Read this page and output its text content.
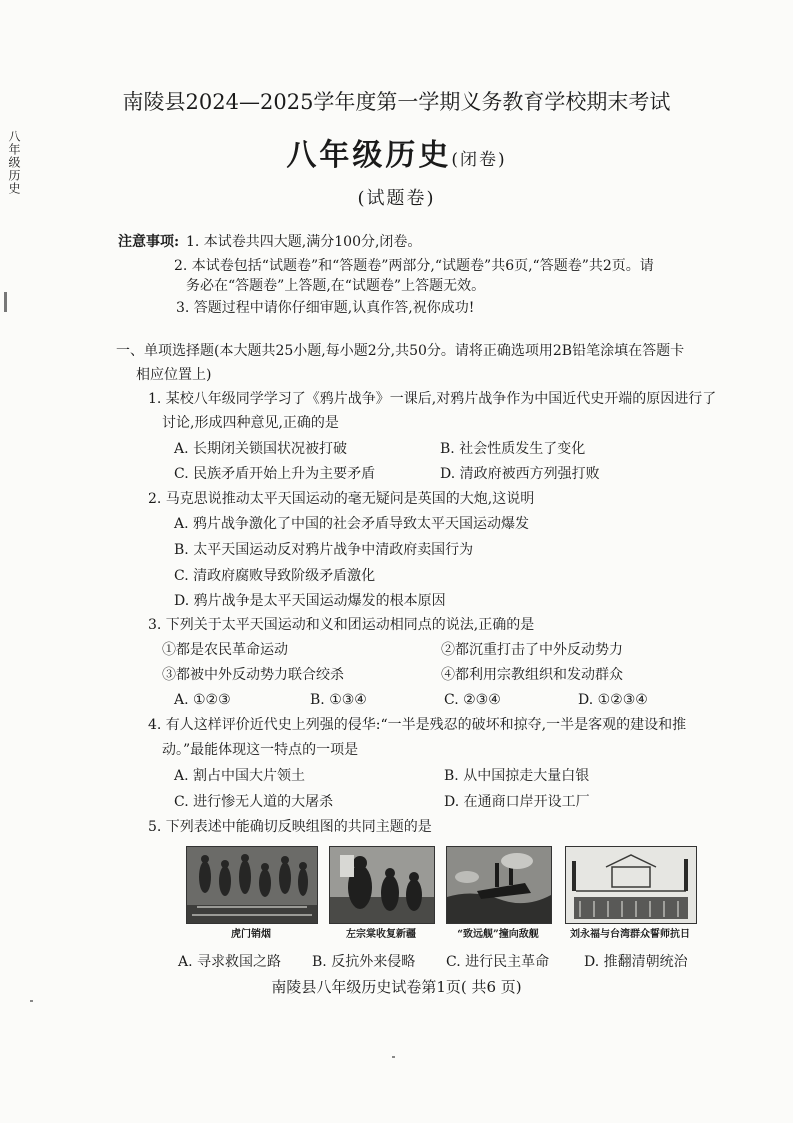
八年级历史
南陵县2024—2025学年度第一学期义务教育学校期末考试
八年级历史(闭卷)
(试题卷)
注意事项: 1. 本试卷共四大题,满分100分,闭卷。
2. 本试卷包括“试题卷”和“答题卷”两部分,“试题卷”共6页,“答题卷”共2页。请
务必在“答题卷”上答题,在“试题卷”上答题无效。
3. 答题过程中请你仔细审题,认真作答,祝你成功!
一、单项选择题(本大题共25小题,每小题2分,共50分。请将正确选项用2B铅笔涂填在答题卡
相应位置上)
1. 某校八年级同学学习了《鸦片战争》一课后,对鸦片战争作为中国近代史开端的原因进行了
讨论,形成四种意见,正确的是
A. 长期闭关锁国状况被打破	B. 社会性质发生了变化
C. 民族矛盾开始上升为主要矛盾	D. 清政府被西方列强打败
2. 马克思说推动太平天国运动的毫无疑问是英国的大炮,这说明
A. 鸦片战争激化了中国的社会矛盾导致太平天国运动爆发
B. 太平天国运动反对鸦片战争中清政府卖国行为
C. 清政府腐败导致阶级矛盾激化
D. 鸦片战争是太平天国运动爆发的根本原因
3. 下列关于太平天国运动和义和团运动相同点的说法,正确的是
①都是农民革命运动	②都沉重打击了中外反动势力
③都被中外反动势力联合绞杀	④都利用宗教组织和发动群众
A. ①②③	B. ①③④	C. ②③④	D. ①②③④
4. 有人这样评价近代史上列强的侵华:“一半是残忍的破坏和掠夺,一半是客观的建设和推
动。”最能体现这一特点的一项是
A. 割占中国大片领土	B. 从中国掠走大量白银
C. 进行惨无人道的大屠杀	D. 在通商口岸开设工厂
5. 下列表述中能确切反映组图的共同主题的是
虎门销烟	左宗棠收复新疆	“致远舰”撞向敌舰	刘永福与台湾群众誓师抗日
A. 寻求救国之路 B. 反抗外来侵略 C. 进行民主革命 D. 推翻清朝统治
南陵县八年级历史试卷第1页( 共6 页)
